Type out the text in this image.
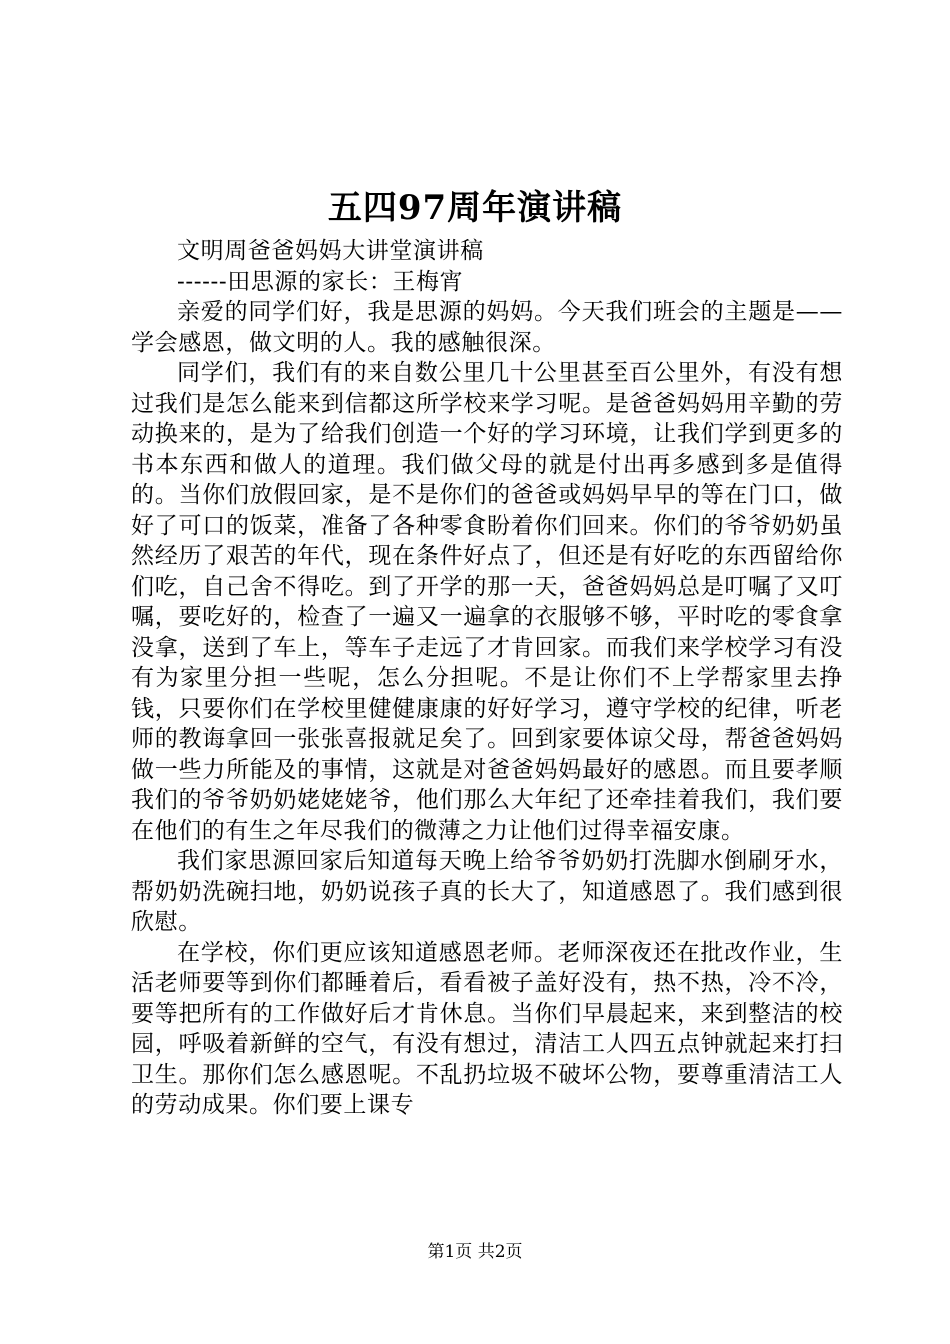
五四97周年演讲稿

文明周爸爸妈妈大讲堂演讲稿

------田思源的家长：王梅宵

亲爱的同学们好，我是思源的妈妈。今天我们班会的主题是——学会感恩，做文明的人。我的感触很深。

同学们，我们有的来自数公里几十公里甚至百公里外，有没有想过我们是怎么能来到信都这所学校来学习呢。是爸爸妈妈用辛勤的劳动换来的，是为了给我们创造一个好的学习环境，让我们学到更多的书本东西和做人的道理。我们做父母的就是付出再多感到多是值得的。当你们放假回家，是不是你们的爸爸或妈妈早早的等在门口，做好了可口的饭菜，准备了各种零食盼着你们回来。你们的爷爷奶奶虽然经历了艰苦的年代，现在条件好点了，但还是有好吃的东西留给你们吃，自己舍不得吃。到了开学的那一天，爸爸妈妈总是叮嘱了又叮嘱，要吃好的，检查了一遍又一遍拿的衣服够不够，平时吃的零食拿没拿，送到了车上，等车子走远了才肯回家。而我们来学校学习有没有为家里分担一些呢，怎么分担呢。不是让你们不上学帮家里去挣钱，只要你们在学校里健健康康的好好学习，遵守学校的纪律，听老师的教诲拿回一张张喜报就足矣了。回到家要体谅父母，帮爸爸妈妈做一些力所能及的事情，这就是对爸爸妈妈最好的感恩。而且要孝顺我们的爷爷奶奶姥姥姥爷，他们那么大年纪了还牵挂着我们，我们要在他们的有生之年尽我们的微薄之力让他们过得幸福安康。

我们家思源回家后知道每天晚上给爷爷奶奶打洗脚水倒刷牙水，帮奶奶洗碗扫地，奶奶说孩子真的长大了，知道感恩了。我们感到很欣慰。

在学校，你们更应该知道感恩老师。老师深夜还在批改作业，生活老师要等到你们都睡着后，看看被子盖好没有，热不热，冷不冷，要等把所有的工作做好后才肯休息。当你们早晨起来，来到整洁的校园，呼吸着新鲜的空气，有没有想过，清洁工人四五点钟就起来打扫卫生。那你们怎么感恩呢。不乱扔垃圾不破坏公物，要尊重清洁工人的劳动成果。你们要上课专

第1页 共2页
